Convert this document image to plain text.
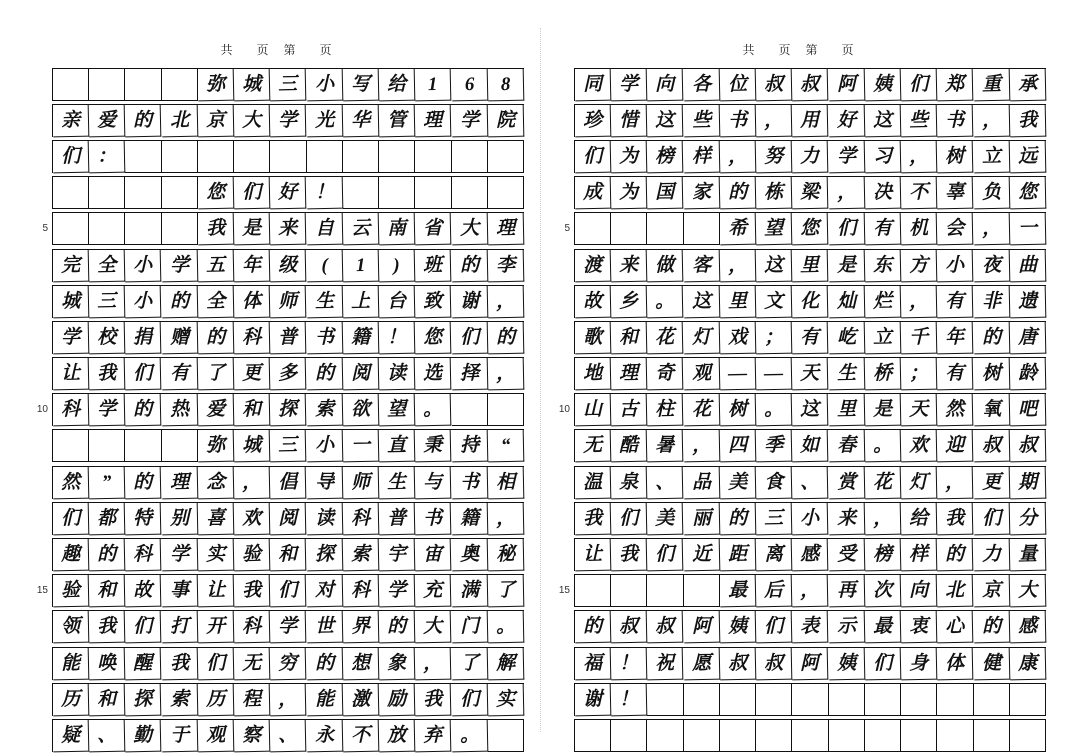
共  页 第  页
弥 城 三 小 写 给	1	6	8
亲 爱 的 北 京 大 学 光 华 管 理 学 院
们 ：
您 们 好 ！
5	我 是 来 自 云 南 省 大 理
完 全 小 学 五 年 级	(	1	)	班 的 李
城 三 小 的 全 体 师 生 上 台 致 谢 ，
学 校 捐 赠 的 科 普 书 籍 ！ 您 们 的
让 我 们 有 了 更 多 的 阅 读 选 择 ，
10 科 学 的 热 爱 和 探 索 欲 望 。
弥 城 三 小 一 直 秉 持	“
然	”	的 理 念 ， 倡 导 师 生 与 书 相
们 都 特 别 喜 欢 阅 读 科 普 书 籍 ，
趣 的 科 学 实 验 和 探 索 宇 宙 奥 秘
15 验 和 故 事 让 我 们 对 科 学 充 满 了
领 我 们 打 开 科 学 世 界 的 大 门 。
能 唤 醒 我 们 无 穷 的 想 象 ， 了 解
历 和 探 索 历 程 ， 能 激 励 我 们 实
疑 、 勤 于 观 察 、 永 不 放 弃 。
共  页 第  页
同 学 向 各 位 叔 叔 阿 姨 们 郑 重 承
珍 惜 这 些 书 ， 用 好 这 些 书 ， 我
们 为 榜 样 ， 努 力 学 习 ， 树 立 远
成 为 国 家 的 栋 梁 ， 决 不 辜 负 您
5	希 望 您 们 有 机 会 ， 一
渡 来 做 客 ， 这 里 是 东 方 小 夜 曲
故 乡 。 这 里 文 化 灿 烂 ， 有 非 遗
歌 和 花 灯 戏 ； 有 屹 立 千 年 的 唐
地 理 奇 观 — — 天 生 桥 ； 有 树 龄
10 山 古 柱 花 树 。 这 里 是 天 然 氧 吧
无 酷 暑 ， 四 季 如 春 。 欢 迎 叔 叔
温 泉 、 品 美 食 、 赏 花 灯 ， 更 期
我 们 美 丽 的 三 小 来 ， 给 我 们 分
让 我 们 近 距 离 感 受 榜 样 的 力 量
15	最 后 ， 再 次 向 北 京 大
的 叔 叔 阿 姨 们 表 示 最 衷 心 的 感
福 ！ 祝 愿 叔 叔 阿 姨 们 身 体 健 康
谢 ！
